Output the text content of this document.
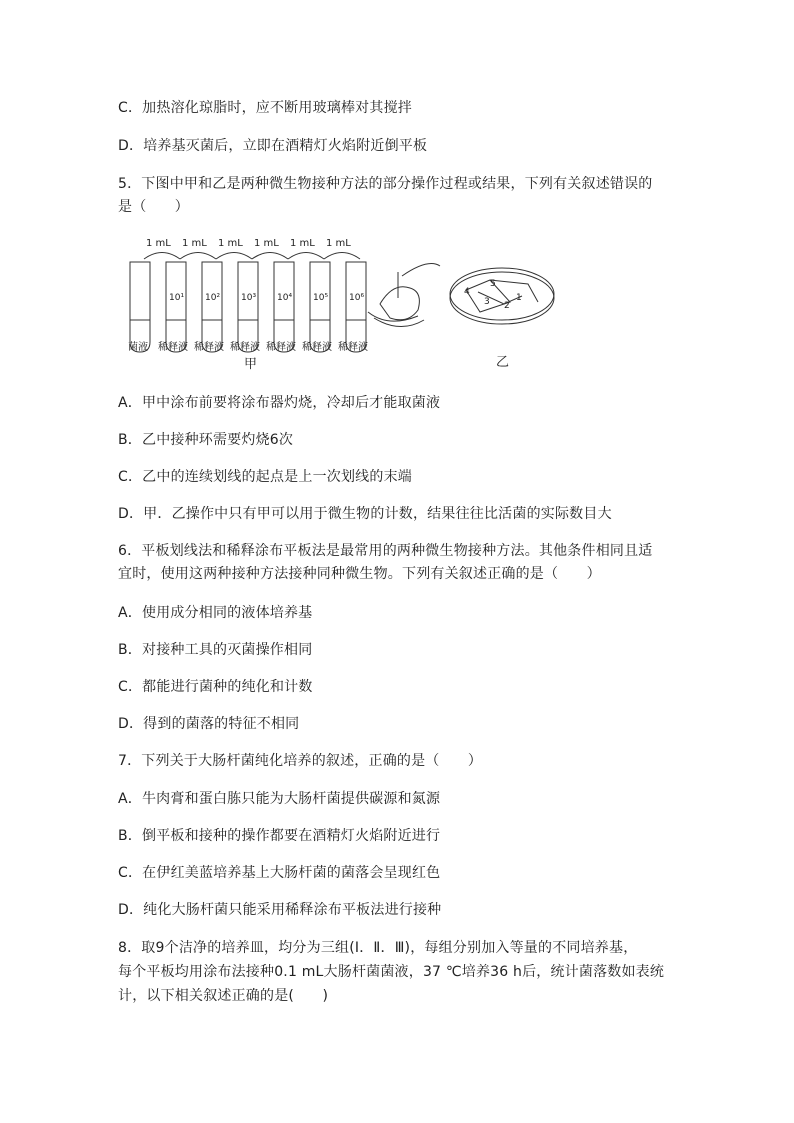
C．加热溶化琼脂时，应不断用玻璃棒对其搅拌
D．培养基灭菌后，立即在酒精灯火焰附近倒平板
5．下图中甲和乙是两种微生物接种方法的部分操作过程或结果，下列有关叙述错误的
是（　　）
1 mL 1 mL 1 mL 1 mL 1 mL 1 mL
10¹ 10² 10³ 10⁴ 10⁵ 10⁶
菌液 稀释液 稀释液 稀释液 稀释液 稀释液 稀释液
甲
1
2
3
4
5
乙
A．甲中涂布前要将涂布器灼烧，冷却后才能取菌液
B．乙中接种环需要灼烧6次
C．乙中的连续划线的起点是上一次划线的末端
D．甲．乙操作中只有甲可以用于微生物的计数，结果往往比活菌的实际数目大
6．平板划线法和稀释涂布平板法是最常用的两种微生物接种方法。其他条件相同且适
宜时，使用这两种接种方法接种同种微生物。下列有关叙述正确的是（　　）
A．使用成分相同的液体培养基
B．对接种工具的灭菌操作相同
C．都能进行菌种的纯化和计数
D．得到的菌落的特征不相同
7．下列关于大肠杆菌纯化培养的叙述，正确的是（　　）
A．牛肉膏和蛋白胨只能为大肠杆菌提供碳源和氮源
B．倒平板和接种的操作都要在酒精灯火焰附近进行
C．在伊红美蓝培养基上大肠杆菌的菌落会呈现红色
D．纯化大肠杆菌只能采用稀释涂布平板法进行接种
8．取9个洁净的培养皿，均分为三组(Ⅰ．Ⅱ．Ⅲ)，每组分别加入等量的不同培养基，
每个平板均用涂布法接种0.1 mL大肠杆菌菌液，37 ℃培养36 h后，统计菌落数如表统
计，以下相关叙述正确的是(　　)
